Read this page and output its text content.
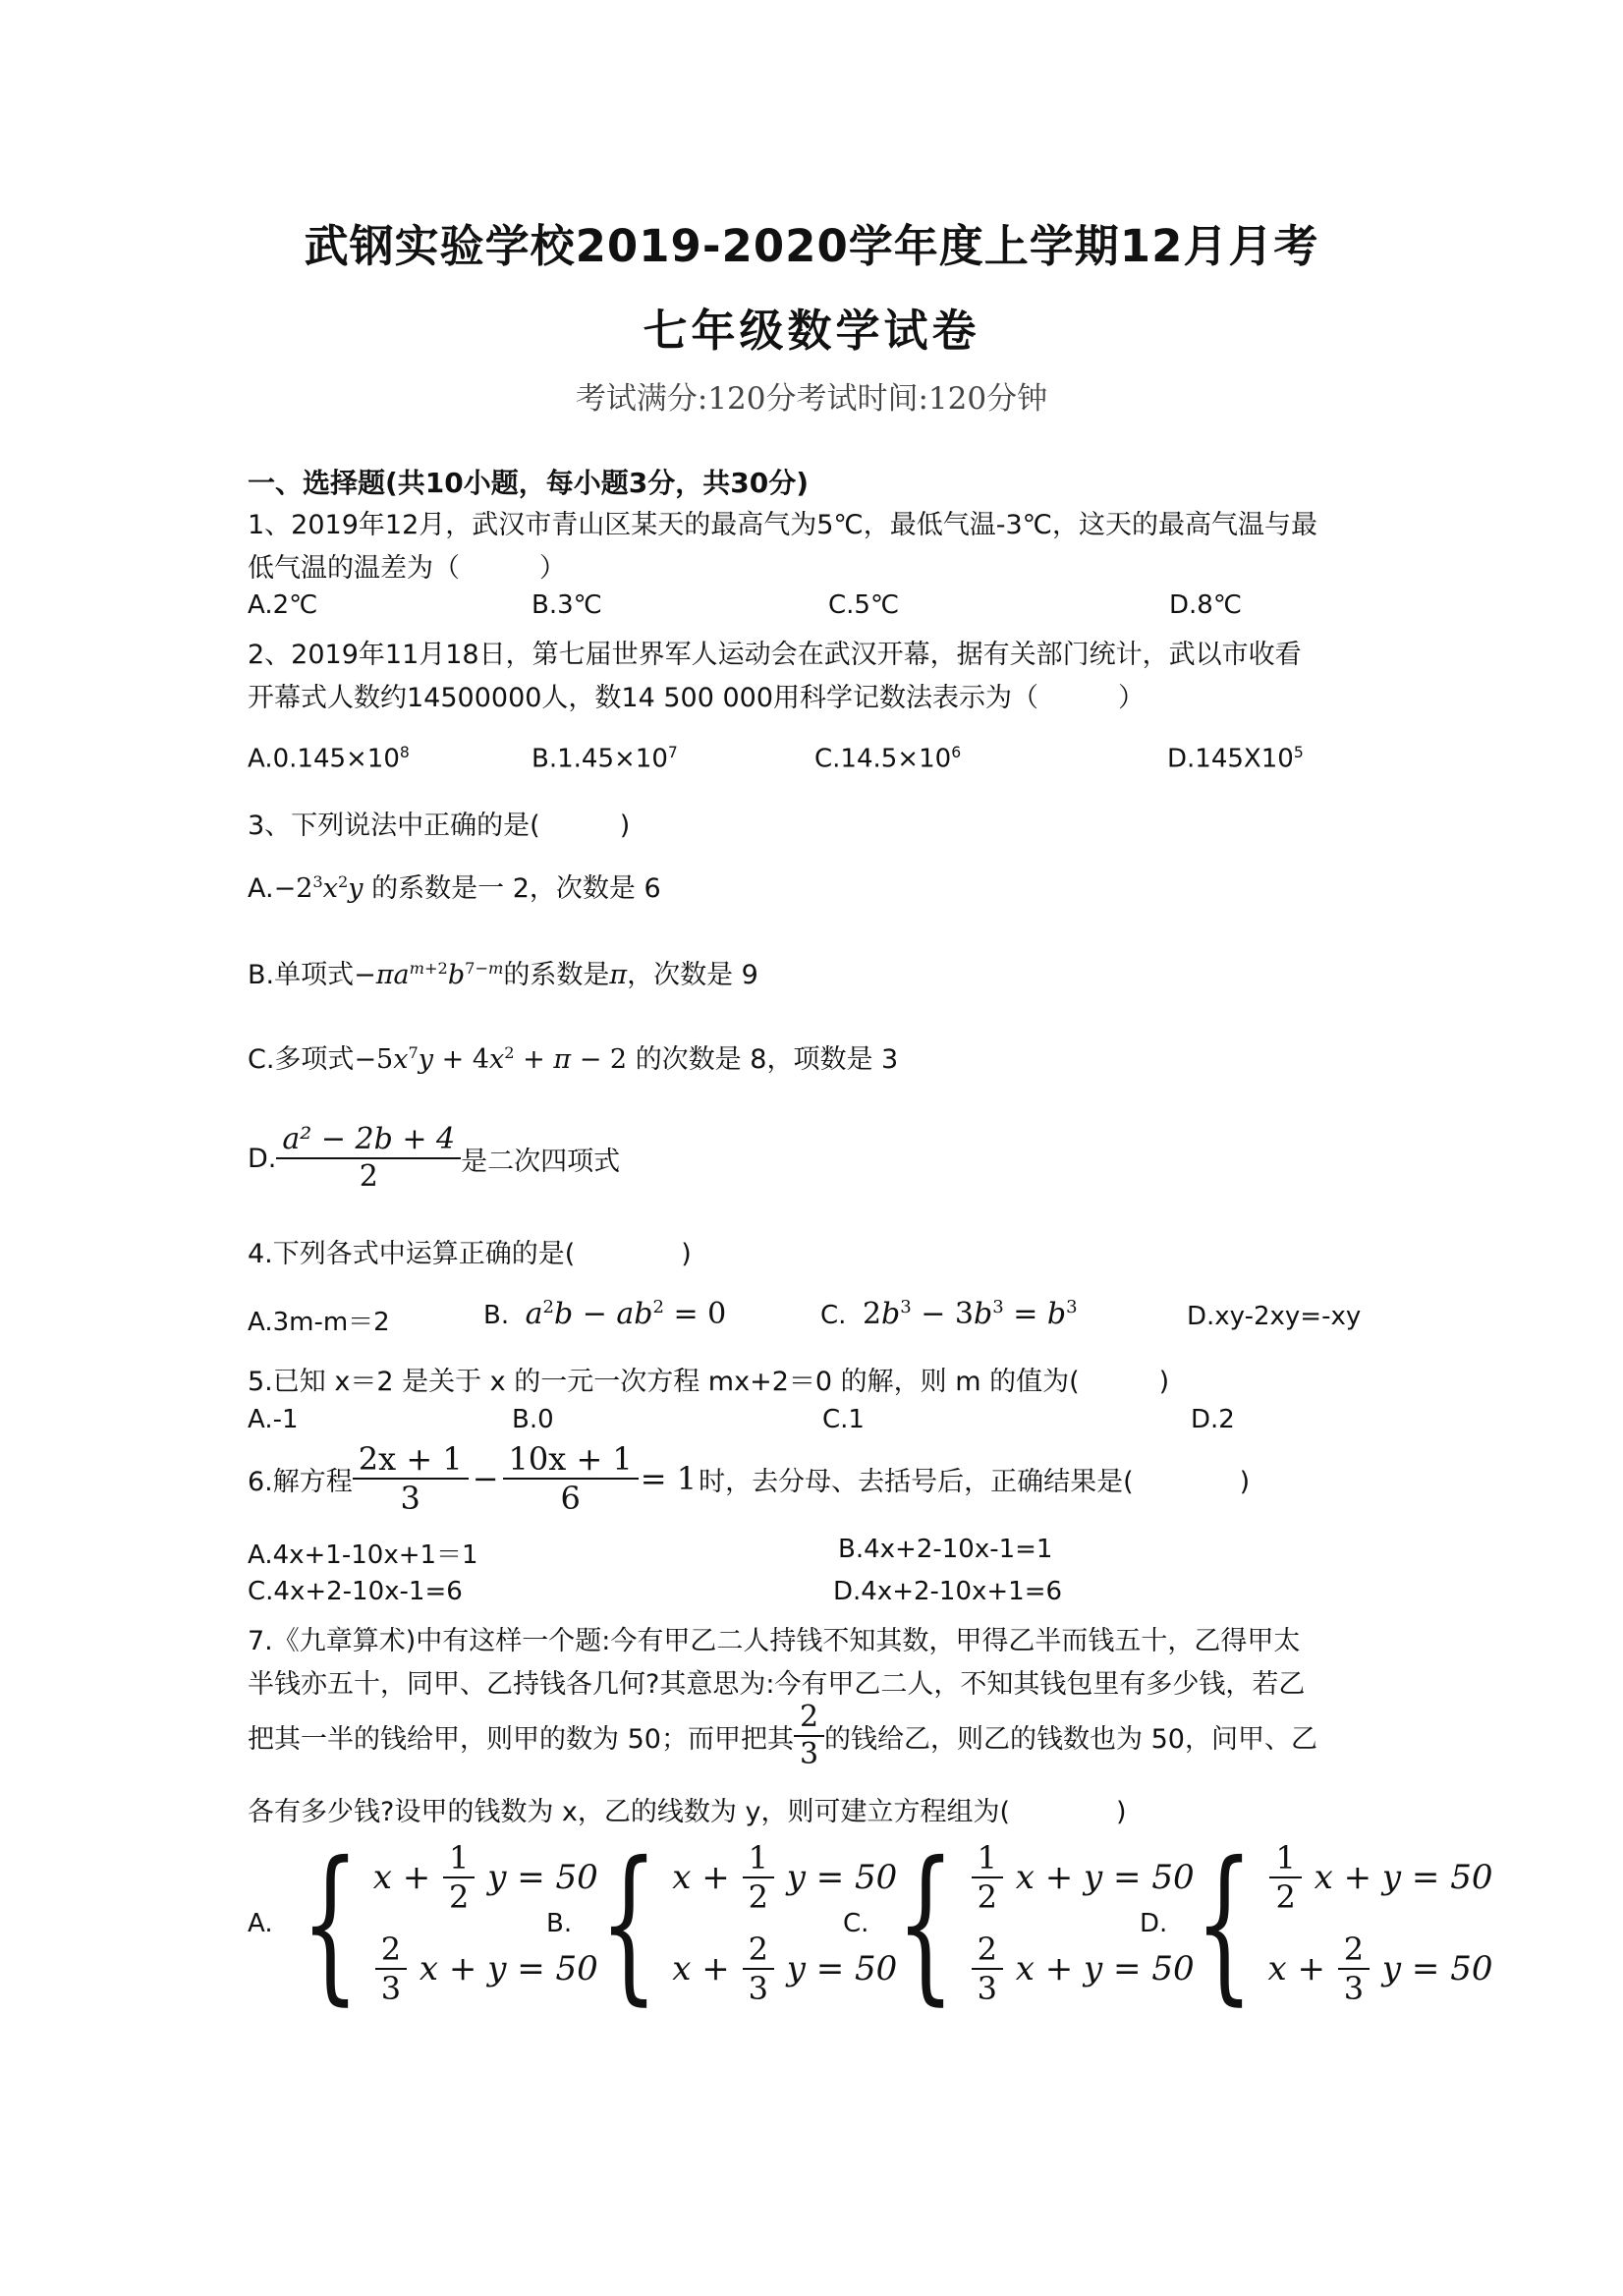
武钢实验学校2019-2020学年度上学期12月月考
七年级数学试卷
考试满分:120分考试时间:120分钟
一、选择题(共10小题，每小题3分，共30分)
1、2019年12月，武汉市青山区某天的最高气为5℃，最低气温-3℃，这天的最高气温与最
低气温的温差为（　　　）
A.2℃	B.3℃	C.5℃	D.8℃
2、2019年11月18日，第七届世界军人运动会在武汉开幕，据有关部门统计，武以市收看
开幕式人数约14500000人，数14 500 000用科学记数法表示为（　　　）
$A.0.145\times 10^8$	$B.1.45\times 10^7$	$C.14.5\times 10^6$	$D.145X10^5$
3、下列说法中正确的是(　　　)
$A.-2^3x^2y$ 的系数是一 2，次数是 6
B.单项式$-\pi a^{m+2}b^{7-m}$的系数是π，次数是 9
C.多项式$-5x^7y + 4x^2 + \pi - 2$ 的次数是 8，项数是 3
D. $\frac{\text{a² − 2b + 4}}{2}$ 是二次四项式
4.下列各式中运算正确的是(　　　　)
A.3m-m＝2	B. $a^2b - ab^2 = 0$	C. $2b^3 - 3b^3 = b^3$	D.xy-2xy=-xy
5.已知 x＝2 是关于 x 的一元一次方程 mx+2＝0 的解，则 m 的值为(　　　)
A.-1	B.0	C.1	D.2
6.解方程 $\frac{2x + 1}{3} - \frac{10x + 1}{6} = 1$ 时，去分母、去括号后，正确结果是(　　　　)
A.4x+1-10x+1＝1	B.4x+2-10x-1=1
C.4x+2-10x-1=6	D.4x+2-10x+1=6
7.《九章算术)中有这样一个题:今有甲乙二人持钱不知其数，甲得乙半而钱五十，乙得甲太
半钱亦五十，同甲、乙持钱各几何?其意思为:今有甲乙二人，不知其钱包里有多少钱，若乙
把其一半的钱给甲，则甲的数为 50；而甲把其 $\frac{2}{3}$ 的钱给乙，则乙的钱数也为 50，问甲、乙
各有多少钱?设甲的钱数为 x，乙的线数为 y，则可建立方程组为(　　　　)
A. { $x + \frac{1}{2}$ y = 50
$\frac{2}{3}$ x + y = 50
B. { $x + \frac{1}{2}$ y = 50
$x + \frac{2}{3}$ y = 50
C. { $\frac{1}{2}$ x + y = 50
$\frac{2}{3}$ x + y = 50
D. { $\frac{1}{2}$ x + y = 50
$x + \frac{2}{3}$ y = 50
